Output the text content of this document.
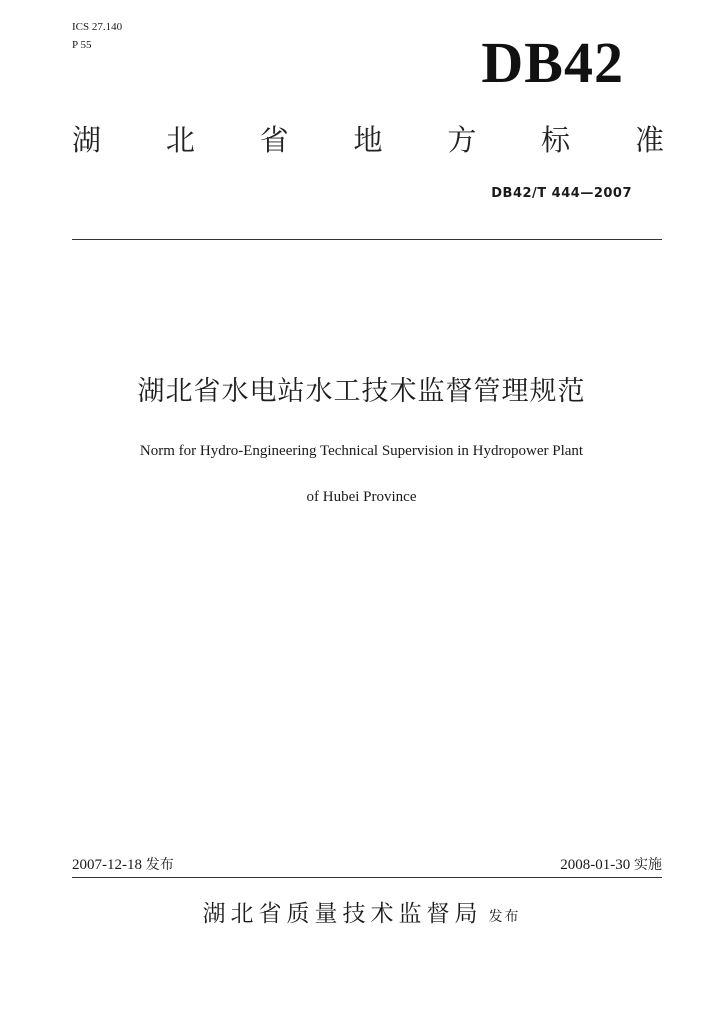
ICS 27.140
P 55	DB42
湖 北 省 地 方 标 准
DB42/T 444—2007
湖北省水电站水工技术监督管理规范
Norm for Hydro-Engineering Technical Supervision in Hydropower Plant
of Hubei Province
2007-12-18 发布	2008-01-30 实施
湖北省质量技术监督局 发布
